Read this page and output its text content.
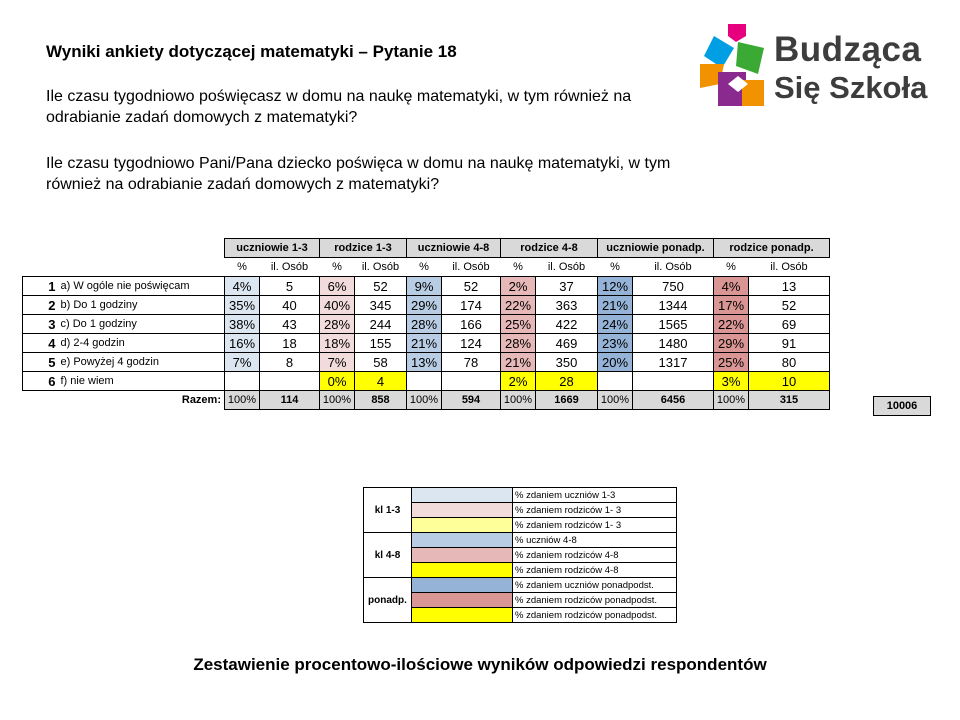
Wyniki ankiety dotyczącej matematyki – Pytanie 18

Ile czasu tygodniowo poświęcasz w domu na naukę matematyki, w tym również na odrabianie zadań domowych z matematyki?

Ile czasu tygodniowo Pani/Pana dziecko poświęca w domu na naukę matematyki, w tym również na odrabianie zadań domowych z matematyki?

Budząca
Się Szkoła
		uczniowie 1-3		rodzice 1-3		uczniowie 4-8		rodzice 4-8		uczniowie ponadp.		rodzice ponadp.	
		%	il. Osób	%	il. Osób	%	il. Osób	%	il. Osób	%	il. Osób	%	il. Osób
1	a) W ogóle nie poświęcam	4%	5	6%	52	9%	52	2%	37	12%	750	4%	13
2	b) Do 1 godziny	35%	40	40%	345	29%	174	22%	363	21%	1344	17%	52
3	c) Do 1 godziny	38%	43	28%	244	28%	166	25%	422	24%	1565	22%	69
4	d) 2-4 godzin	16%	18	18%	155	21%	124	28%	469	23%	1480	29%	91
5	e) Powyżej 4 godzin	7%	8	7%	58	13%	78	21%	350	20%	1317	25%	80
6	f) nie wiem			0%	4			2%	28			3%	10
	Razem:	100%	114	100%	858	100%	594	100%	1669	100%	6456	100%	315	10006
kl 1-3		% zdaniem uczniów 1-3
		% zdaniem rodziców 1- 3
		% zdaniem rodziców 1- 3
kl 4-8		% uczniów 4-8
		% zdaniem rodziców 4-8
		% zdaniem rodziców 4-8
ponadp.		% zdaniem uczniów ponadpodst.
		% zdaniem rodziców ponadpodst.
		% zdaniem rodziców ponadpodst.

Zestawienie procentowo-ilościowe wyników odpowiedzi respondentów
